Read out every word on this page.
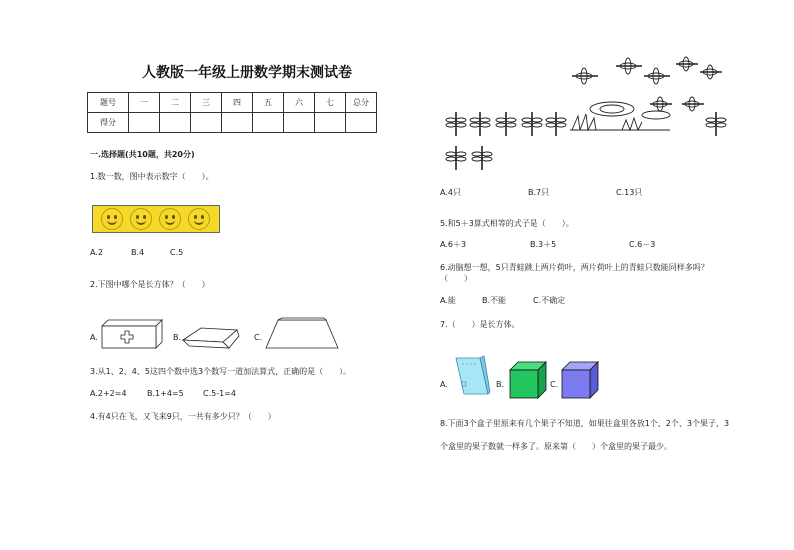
人教版一年级上册数学期末测试卷
题号	一	二	三	四	五	六	七	总分
得分								
一.选择题(共10题，共20分)
1.数一数，图中表示数字（　　）。
A.2	B.4	C.5
2.下图中哪个是长方体？（　　）
A.	B.	C.
3.从1、2、4、5这四个数中选3个数写一道加法算式，正确的是（　　）。
A.2+2=4	B.1+4=5 C.5-1=4
4.有4只在飞，又飞来9只，一共有多少只？（　　）
A.4只	B.7只	C.13只
5.和5＋3算式相等的式子是（　　）。
A.6＋3	B.3＋5	C.6－3
6.动脑想一想，5只青蛙跳上两片荷叶，两片荷叶上的青蛙只数能同样多吗？
（　　）
A.能	B.不能	C.不确定
7.（　　）是长方体。
A.	B.	C.
8.下面3个盒子里原来有几个果子不知道，如果往盒里各放1个、2个、3个果子，3
个盒里的果子数就一样多了。原来第（　　）个盒里的果子最少。
